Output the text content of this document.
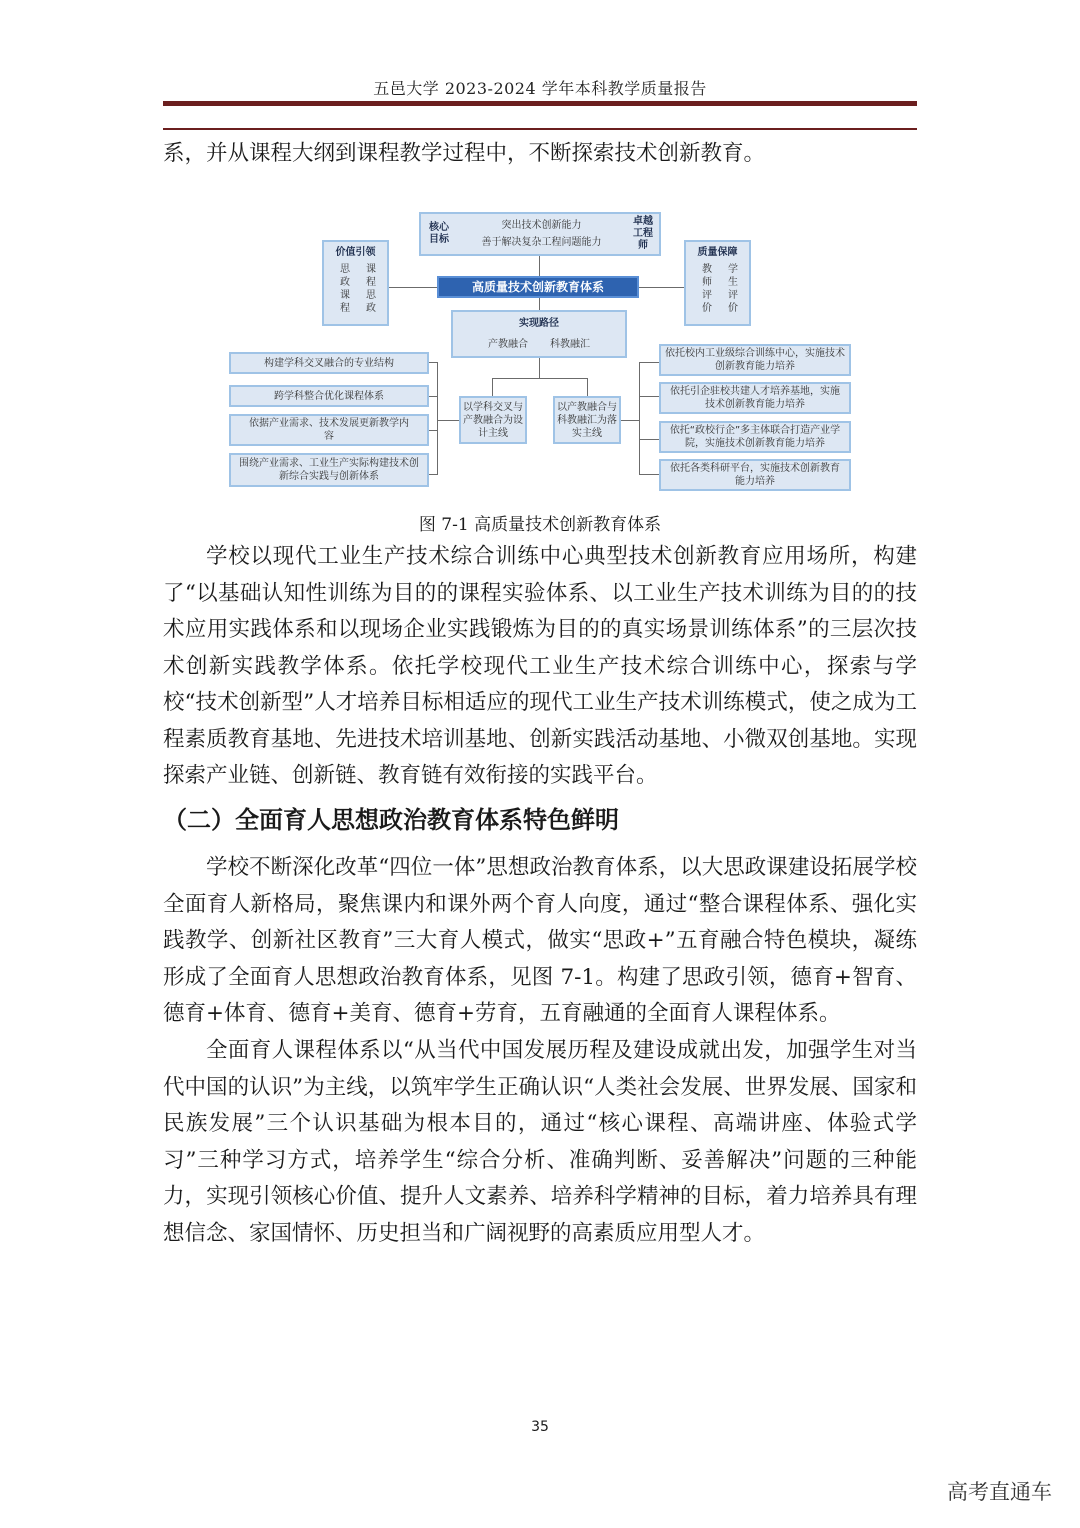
五邑大学 2023-2024 学年本科教学质量报告

系，并从课程大纲到课程教学过程中，不断探索技术创新教育。

核心目标
突出技术创新能力
善于解决复杂工程问题能力
卓越工程师
高质量技术创新教育体系
价值引领
思政课程 课程思政
质量保障
教师评价 学生评价
实现路径
产教融合 科教融汇
以学科交叉与产教融合为设计主线
以产教融合与科教融汇为落实主线
构建学科交叉融合的专业结构
跨学科整合优化课程体系
依据产业需求、技术发展更新教学内容
围绕产业需求、工业生产实际构建技术创新综合实践与创新体系
依托校内工业级综合训练中心，实施技术创新教育能力培养
依托引企驻校共建人才培养基地，实施技术创新教育能力培养
依托“政校行企”多主体联合打造产业学院，实施技术创新教育能力培养
依托各类科研平台，实施技术创新教育能力培养
图 7-1 高质量技术创新教育体系

学校以现代工业生产技术综合训练中心典型技术创新教育应用场所，构建了“以基础认知性训练为目的的课程实验体系、以工业生产技术训练为目的的技术应用实践体系和以现场企业实践锻炼为目的的真实场景训练体系”的三层次技术创新实践教学体系。依托学校现代工业生产技术综合训练中心，探索与学校“技术创新型”人才培养目标相适应的现代工业生产技术训练模式，使之成为工程素质教育基地、先进技术培训基地、创新实践活动基地、小微双创基地。实现探索产业链、创新链、教育链有效衔接的实践平台。

（二）全面育人思想政治教育体系特色鲜明

学校不断深化改革“四位一体”思想政治教育体系，以大思政课建设拓展学校全面育人新格局，聚焦课内和课外两个育人向度，通过“整合课程体系、强化实践教学、创新社区教育”三大育人模式，做实“思政+”五育融合特色模块，凝练形成了全面育人思想政治教育体系，见图 7-1。构建了思政引领，德育+智育、德育+体育、德育+美育、德育+劳育，五育融通的全面育人课程体系。

全面育人课程体系以“从当代中国发展历程及建设成就出发，加强学生对当代中国的认识”为主线，以筑牢学生正确认识“人类社会发展、世界发展、国家和民族发展”三个认识基础为根本目的，通过“核心课程、高端讲座、体验式学习”三种学习方式，培养学生“综合分析、准确判断、妥善解决”问题的三种能力，实现引领核心价值、提升人文素养、培养科学精神的目标，着力培养具有理想信念、家国情怀、历史担当和广阔视野的高素质应用型人才。

35
高考直通车
